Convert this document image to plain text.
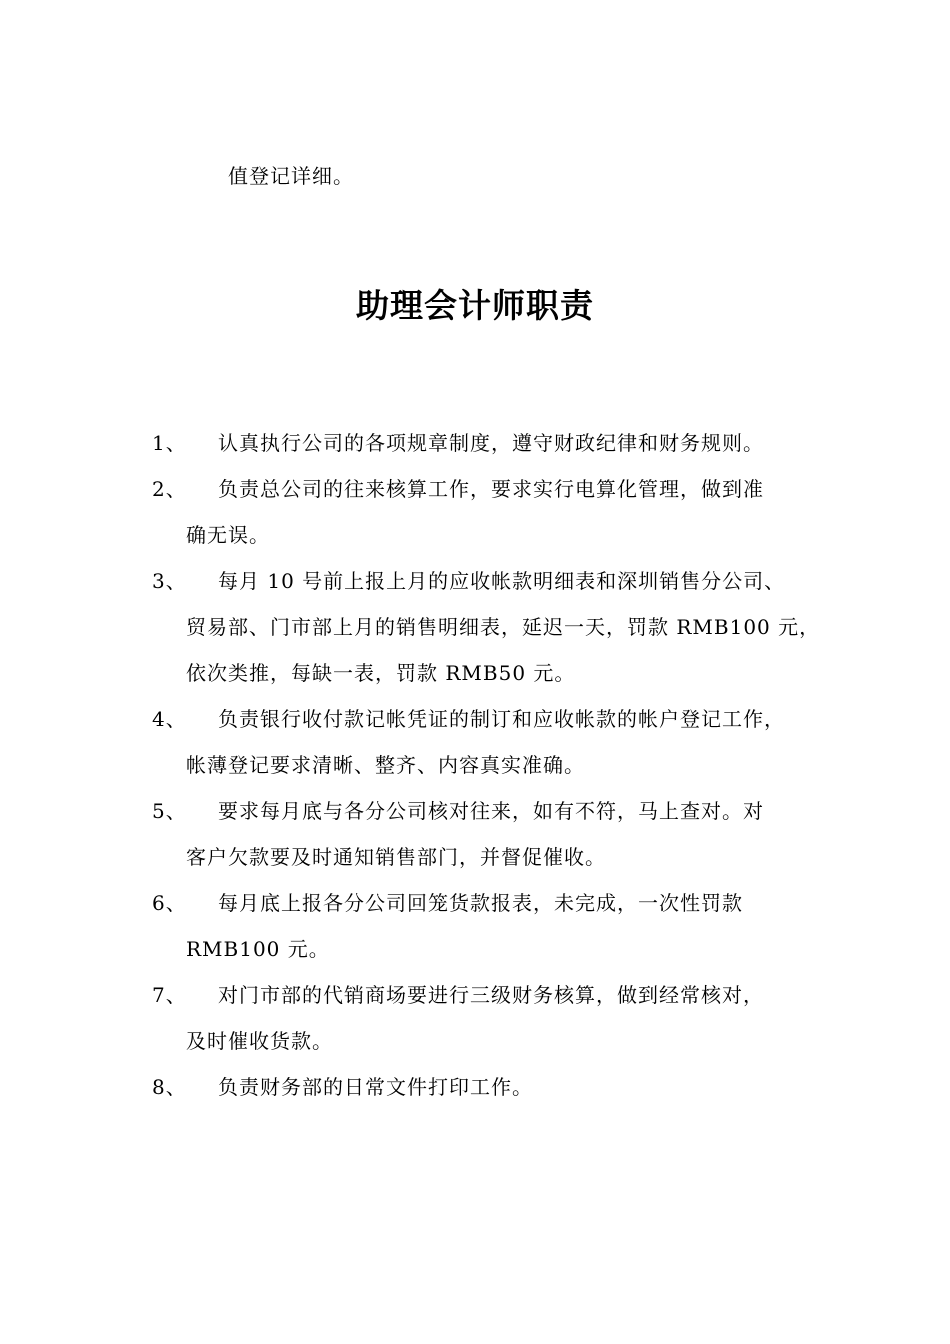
值登记详细。
助理会计师职责
1、	认真执行公司的各项规章制度，遵守财政纪律和财务规则。
2、	负责总公司的往来核算工作，要求实行电算化管理，做到准
确无误。
3、	每月 10 号前上报上月的应收帐款明细表和深圳销售分公司、
贸易部、门市部上月的销售明细表，延迟一天，罚款 RMB100 元，
依次类推，每缺一表，罚款 RMB50 元。
4、	负责银行收付款记帐凭证的制订和应收帐款的帐户登记工作，
帐薄登记要求清晰、整齐、内容真实准确。
5、	要求每月底与各分公司核对往来，如有不符，马上查对。对
客户欠款要及时通知销售部门，并督促催收。
6、	每月底上报各分公司回笼货款报表，未完成，一次性罚款
RMB100 元。
7、	对门市部的代销商场要进行三级财务核算，做到经常核对，
及时催收货款。
8、	负责财务部的日常文件打印工作。
